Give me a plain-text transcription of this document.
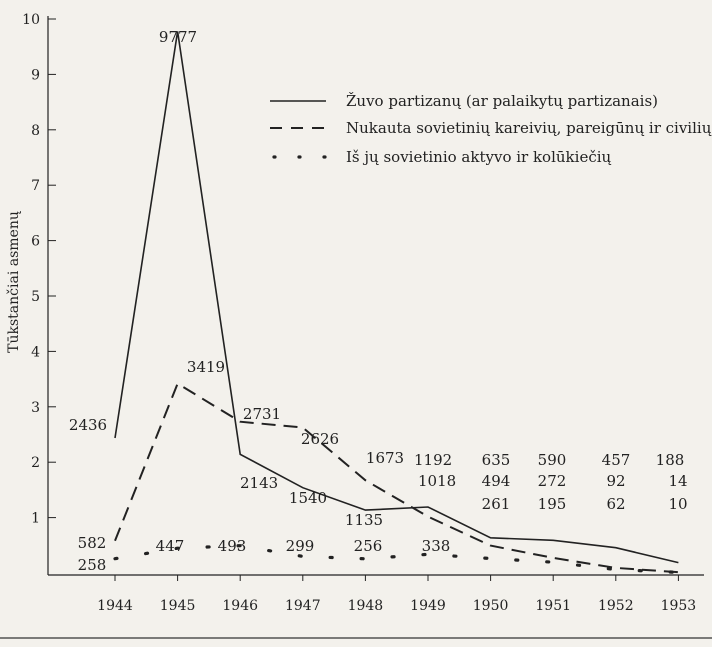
1
2
3
4
5
6
7
8
9
10
1944 1945 1946 1947 1948 1949 1950 1951 1952 1953
2436
9777
2143
1540
1135
1192 635 590 457 188
582
3419
2731
2626
1673
1018 494 272	92	14
258
447 493	299	256	338
261 195	62	10
Žuvo partizanų (ar palaikytų partizanais)
Nukauta sovietinių kareivių, pareigūnų ir civilių
Iš jų sovietinio aktyvo ir kolūkiečių
Tūkstančiai asmenų
